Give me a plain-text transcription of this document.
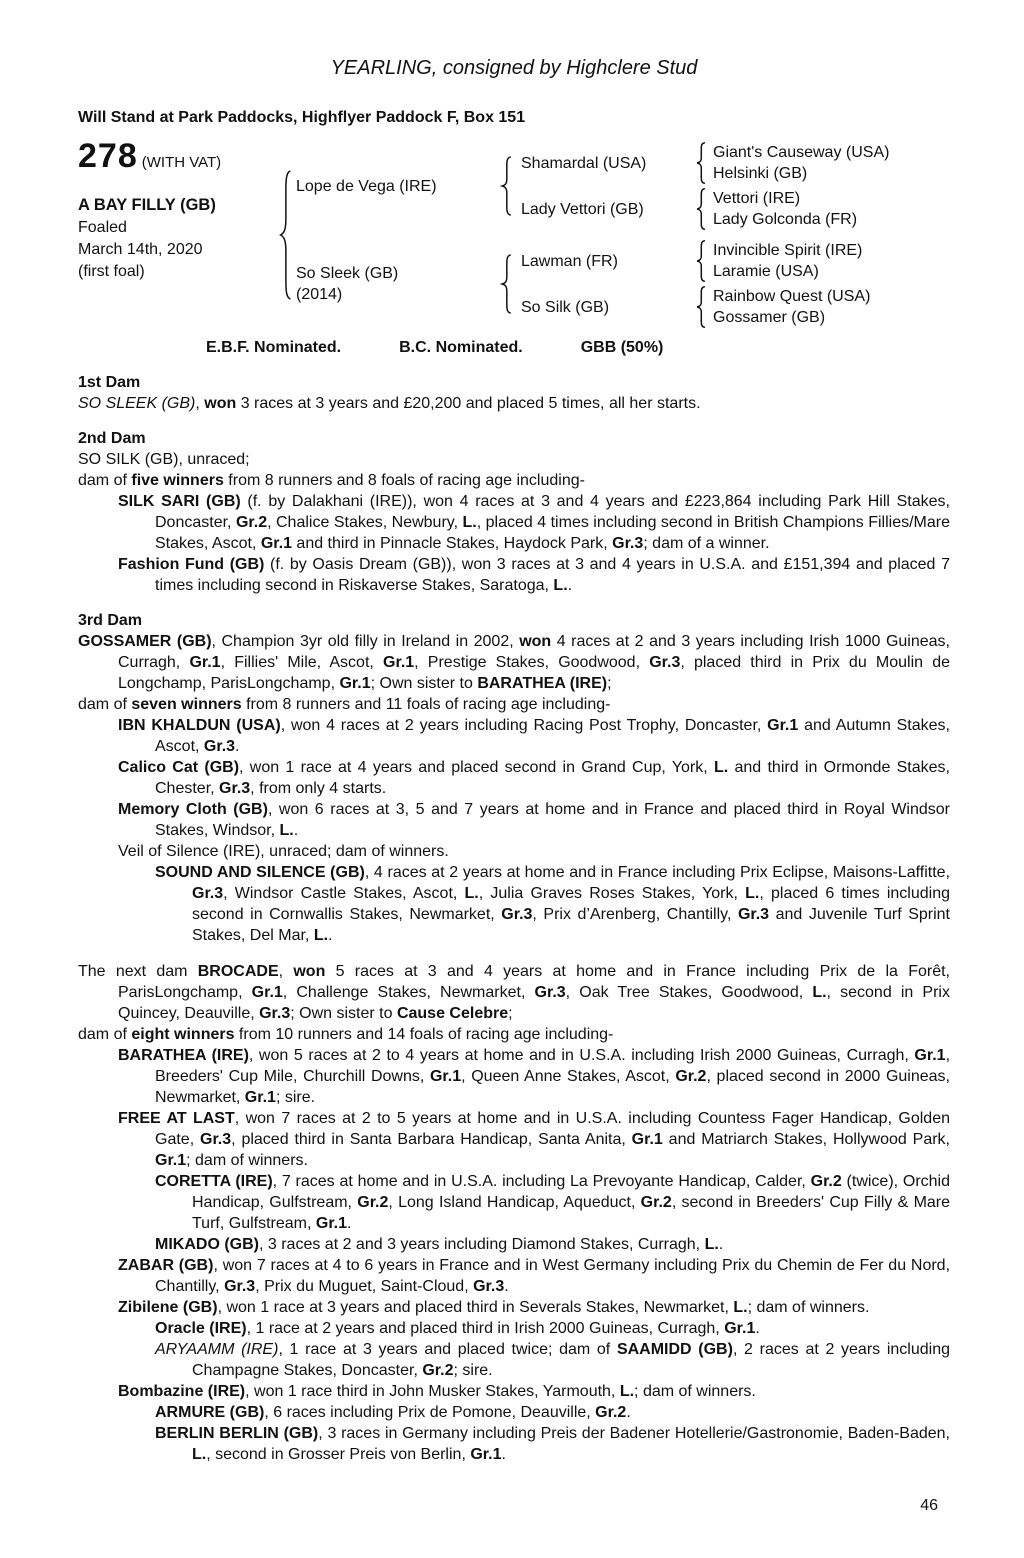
YEARLING, consigned by Highclere Stud
Will Stand at Park Paddocks, Highflyer Paddock F, Box 151
278 (WITH VAT)
A BAY FILLY (GB)
Foaled
March 14th, 2020
(first foal)
Lope de Vega (IRE)
Shamardal (USA)
Giant's Causeway (USA)
Helsinki (GB)
Lady Vettori (GB)
Vettori (IRE)
Lady Golconda (FR)
So Sleek (GB)
(2014)
Lawman (FR)
Invincible Spirit (IRE)
Laramie (USA)
So Silk (GB)
Rainbow Quest (USA)
Gossamer (GB)
E.B.F. Nominated.	B.C. Nominated.	GBB (50%)
1st Dam
SO SLEEK (GB), won 3 races at 3 years and £20,200 and placed 5 times, all her starts.
2nd Dam
SO SILK (GB), unraced;
dam of five winners from 8 runners and 8 foals of racing age including-
SILK SARI (GB) (f. by Dalakhani (IRE)), won 4 races at 3 and 4 years and £223,864 including Park Hill Stakes, Doncaster, Gr.2, Chalice Stakes, Newbury, L., placed 4 times including second in British Champions Fillies/Mare Stakes, Ascot, Gr.1 and third in Pinnacle Stakes, Haydock Park, Gr.3; dam of a winner.
Fashion Fund (GB) (f. by Oasis Dream (GB)), won 3 races at 3 and 4 years in U.S.A. and £151,394 and placed 7 times including second in Riskaverse Stakes, Saratoga, L..
3rd Dam
GOSSAMER (GB), Champion 3yr old filly in Ireland in 2002, won 4 races at 2 and 3 years including Irish 1000 Guineas, Curragh, Gr.1, Fillies' Mile, Ascot, Gr.1, Prestige Stakes, Goodwood, Gr.3, placed third in Prix du Moulin de Longchamp, ParisLongchamp, Gr.1; Own sister to BARATHEA (IRE);
dam of seven winners from 8 runners and 11 foals of racing age including-
IBN KHALDUN (USA), won 4 races at 2 years including Racing Post Trophy, Doncaster, Gr.1 and Autumn Stakes, Ascot, Gr.3.
Calico Cat (GB), won 1 race at 4 years and placed second in Grand Cup, York, L. and third in Ormonde Stakes, Chester, Gr.3, from only 4 starts.
Memory Cloth (GB), won 6 races at 3, 5 and 7 years at home and in France and placed third in Royal Windsor Stakes, Windsor, L..
Veil of Silence (IRE), unraced; dam of winners.
SOUND AND SILENCE (GB), 4 races at 2 years at home and in France including Prix Eclipse, Maisons-Laffitte, Gr.3, Windsor Castle Stakes, Ascot, L., Julia Graves Roses Stakes, York, L., placed 6 times including second in Cornwallis Stakes, Newmarket, Gr.3, Prix d’Arenberg, Chantilly, Gr.3 and Juvenile Turf Sprint Stakes, Del Mar, L..
The next dam BROCADE, won 5 races at 3 and 4 years at home and in France including Prix de la Forêt, ParisLongchamp, Gr.1, Challenge Stakes, Newmarket, Gr.3, Oak Tree Stakes, Goodwood, L., second in Prix Quincey, Deauville, Gr.3; Own sister to Cause Celebre;
dam of eight winners from 10 runners and 14 foals of racing age including-
BARATHEA (IRE), won 5 races at 2 to 4 years at home and in U.S.A. including Irish 2000 Guineas, Curragh, Gr.1, Breeders' Cup Mile, Churchill Downs, Gr.1, Queen Anne Stakes, Ascot, Gr.2, placed second in 2000 Guineas, Newmarket, Gr.1; sire.
FREE AT LAST, won 7 races at 2 to 5 years at home and in U.S.A. including Countess Fager Handicap, Golden Gate, Gr.3, placed third in Santa Barbara Handicap, Santa Anita, Gr.1 and Matriarch Stakes, Hollywood Park, Gr.1; dam of winners.
CORETTA (IRE), 7 races at home and in U.S.A. including La Prevoyante Handicap, Calder, Gr.2 (twice), Orchid Handicap, Gulfstream, Gr.2, Long Island Handicap, Aqueduct, Gr.2, second in Breeders' Cup Filly & Mare Turf, Gulfstream, Gr.1.
MIKADO (GB), 3 races at 2 and 3 years including Diamond Stakes, Curragh, L..
ZABAR (GB), won 7 races at 4 to 6 years in France and in West Germany including Prix du Chemin de Fer du Nord, Chantilly, Gr.3, Prix du Muguet, Saint-Cloud, Gr.3.
Zibilene (GB), won 1 race at 3 years and placed third in Severals Stakes, Newmarket, L.; dam of winners.
Oracle (IRE), 1 race at 2 years and placed third in Irish 2000 Guineas, Curragh, Gr.1.
ARYAAMM (IRE), 1 race at 3 years and placed twice; dam of SAAMIDD (GB), 2 races at 2 years including Champagne Stakes, Doncaster, Gr.2; sire.
Bombazine (IRE), won 1 race third in John Musker Stakes, Yarmouth, L.; dam of winners.
ARMURE (GB), 6 races including Prix de Pomone, Deauville, Gr.2.
BERLIN BERLIN (GB), 3 races in Germany including Preis der Badener Hotellerie/Gastronomie, Baden-Baden, L., second in Grosser Preis von Berlin, Gr.1.
46
